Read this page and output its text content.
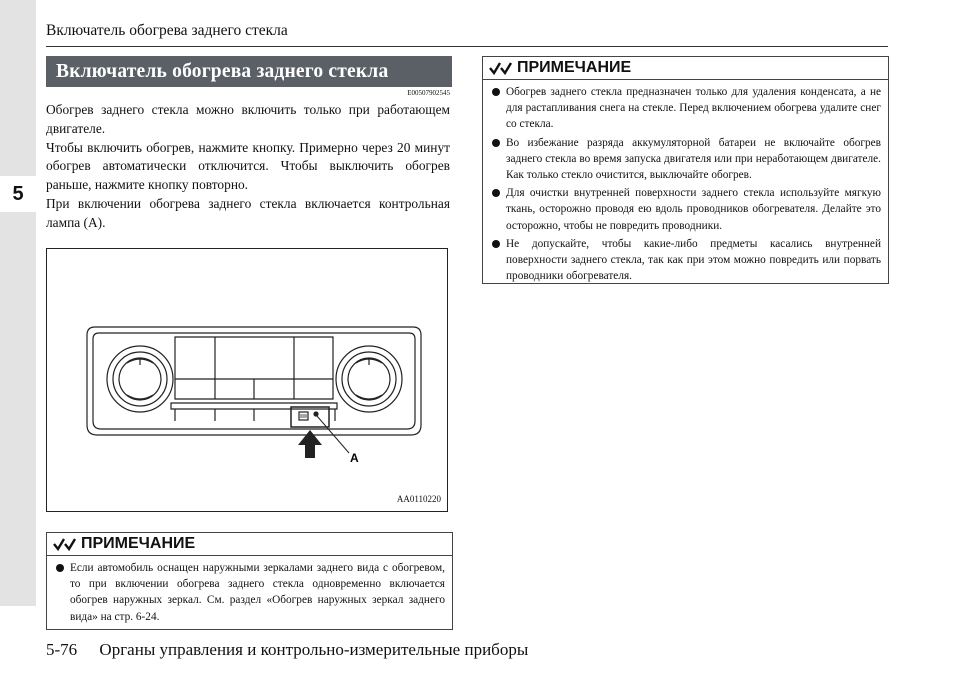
5
Включатель обогрева заднего стекла
Включатель обогрева заднего стекла
E00507902545

Обогрев заднего стекла можно включить только при работающем двигателе.

Чтобы включить обогрев, нажмите кнопку. Примерно через 20 минут обогрев автоматически отключится. Чтобы выключить обогрев раньше, нажмите кнопку повторно.

При включении обогрева заднего стекла включается контрольная лампа (A).

A
AA0110220
ПРИМЕЧАНИЕ
Если автомобиль оснащен наружными зеркалами заднего вида с обогревом, то при включении обогрева заднего стекла одновременно включается обогрев наружных зеркал. См. раздел «Обогрев наружных зеркал заднего вида» на стр. 6-24.
ПРИМЕЧАНИЕ
Обогрев заднего стекла предназначен только для удаления конденсата, а не для растапливания снега на стекле. Перед включением обогрева удалите снег со стекла.
Во избежание разряда аккумуляторной батареи не включайте обогрев заднего стекла во время запуска двигателя или при неработающем двигателе. Как только стекло очистится, выключайте обогрев.
Для очистки внутренней поверхности заднего стекла используйте мягкую ткань, осторожно проводя ею вдоль проводников обогревателя. Делайте это осторожно, чтобы не повредить проводники.
Не допускайте, чтобы какие-либо предметы касались внутренней поверхности заднего стекла, так как при этом можно повредить или порвать проводники обогревателя.
5-76 Органы управления и контрольно-измерительные приборы
